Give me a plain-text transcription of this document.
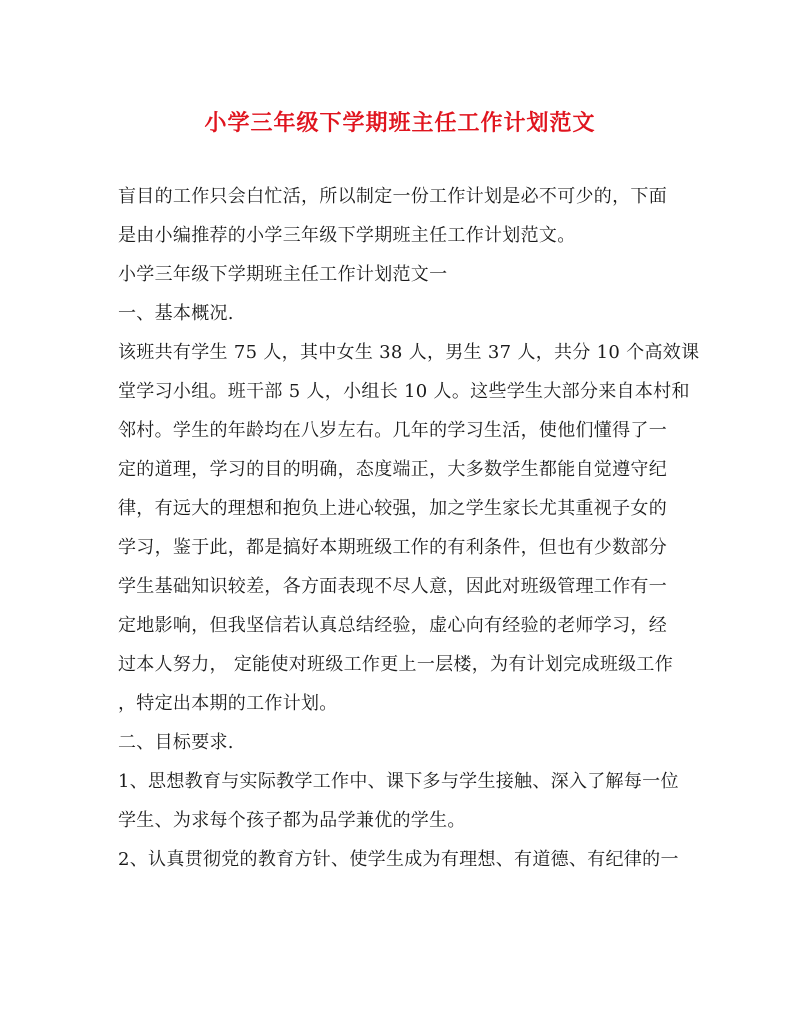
小学三年级下学期班主任工作计划范文
盲目的工作只会白忙活，所以制定一份工作计划是必不可少的，下面
是由小编推荐的小学三年级下学期班主任工作计划范文。
小学三年级下学期班主任工作计划范文一
一、基本概况.
该班共有学生 75 人，其中女生 38 人，男生 37 人，共分 10 个高效课
堂学习小组。班干部 5 人，小组长 10 人。这些学生大部分来自本村和
邻村。学生的年龄均在八岁左右。几年的学习生活，使他们懂得了一
定的道理，学习的目的明确，态度端正，大多数学生都能自觉遵守纪
律，有远大的理想和抱负上进心较强，加之学生家长尤其重视子女的
学习，鉴于此，都是搞好本期班级工作的有利条件，但也有少数部分
学生基础知识较差，各方面表现不尽人意，因此对班级管理工作有一
定地影响，但我坚信若认真总结经验，虚心向有经验的老师学习，经
过本人努力， 定能使对班级工作更上一层楼，为有计划完成班级工作
，特定出本期的工作计划。
二、目标要求.
1、思想教育与实际教学工作中、课下多与学生接触、深入了解每一位
学生、为求每个孩子都为品学兼优的学生。
2、认真贯彻党的教育方针、使学生成为有理想、有道德、有纪律的一
